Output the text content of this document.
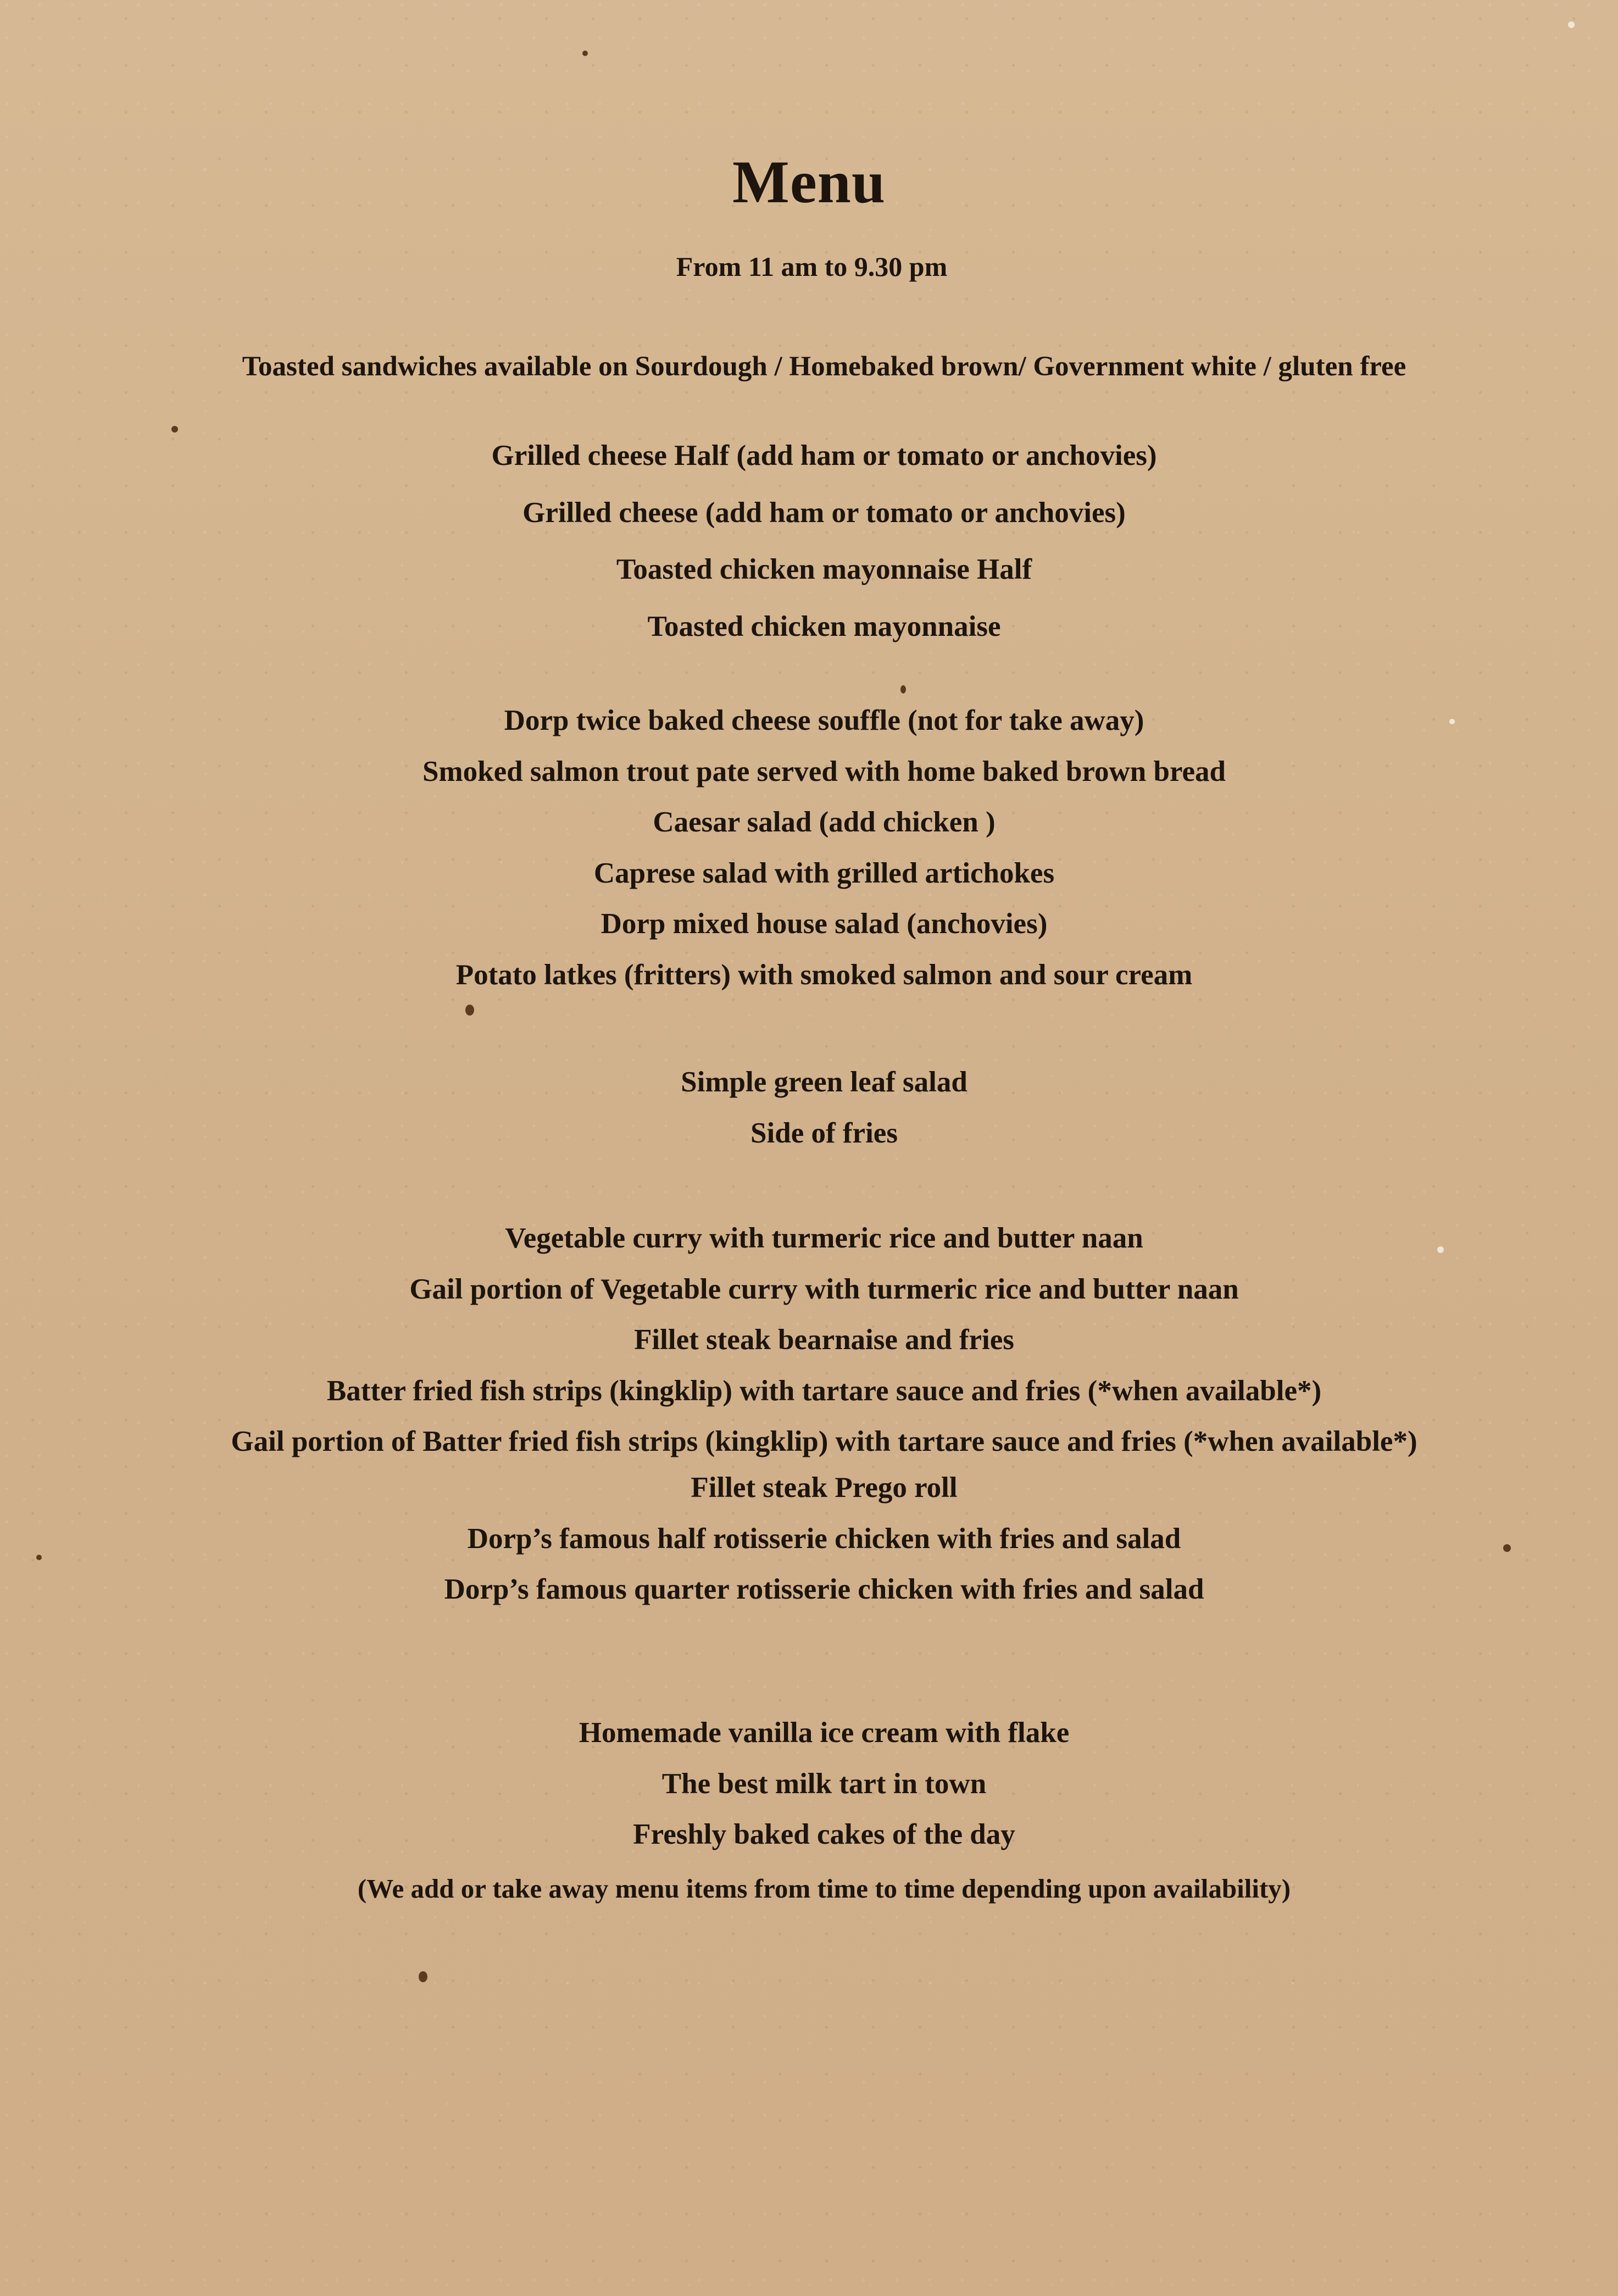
Menu
From 11 am to 9.30 pm
Toasted sandwiches available on Sourdough / Homebaked brown/ Government white / gluten free
Grilled cheese Half (add ham or tomato or anchovies)
Grilled cheese (add ham or tomato or anchovies)
Toasted chicken mayonnaise Half
Toasted chicken mayonnaise
Dorp twice baked cheese souffle (not for take away)
Smoked salmon trout pate served with home baked brown bread
Caesar salad (add chicken )
Caprese salad with grilled artichokes
Dorp mixed house salad (anchovies)
Potato latkes (fritters) with smoked salmon and sour cream
Simple green leaf salad
Side of fries
Vegetable curry with turmeric rice and butter naan
Gail portion of Vegetable curry with turmeric rice and butter naan
Fillet steak bearnaise and fries
Batter fried fish strips (kingklip) with tartare sauce and fries (*when available*)
Gail portion of Batter fried fish strips (kingklip) with tartare sauce and fries (*when available*)
Fillet steak Prego roll
Dorp’s famous half rotisserie chicken with fries and salad
Dorp’s famous quarter rotisserie chicken with fries and salad
Homemade vanilla ice cream with flake
The best milk tart in town
Freshly baked cakes of the day
(We add or take away menu items from time to time depending upon availability)
